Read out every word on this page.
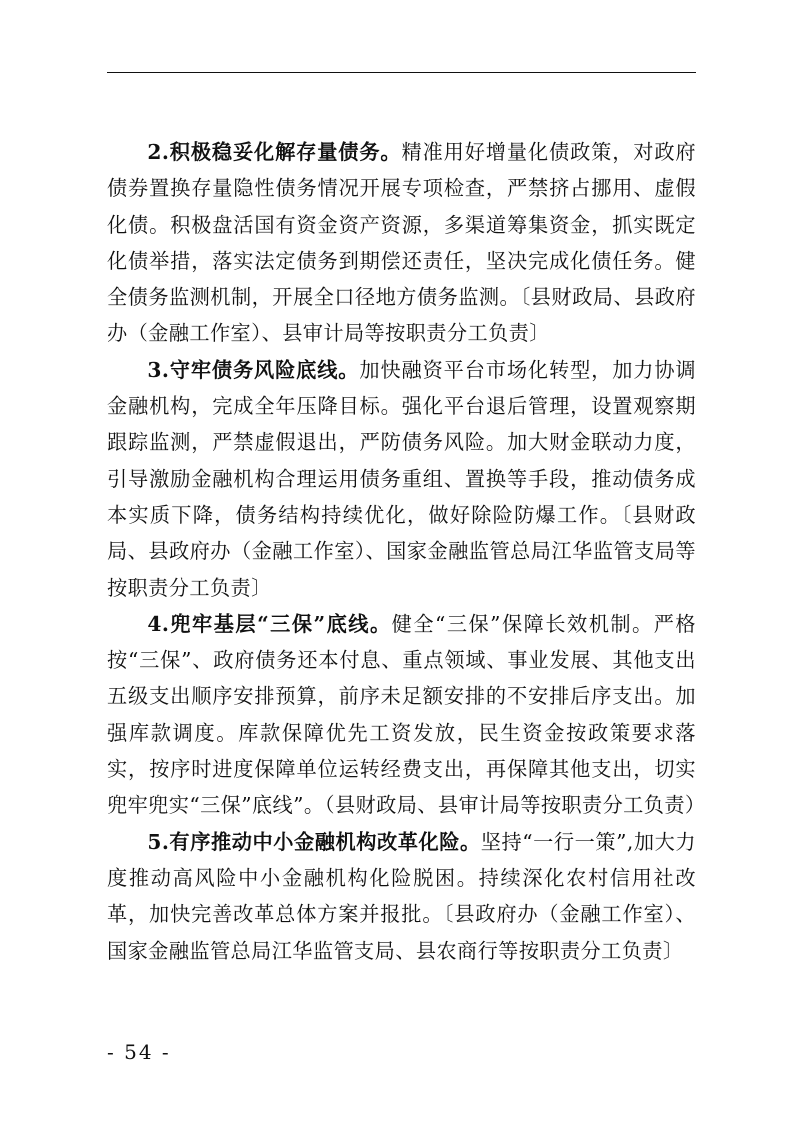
2.积极稳妥化解存量债务。精准用好增量化债政策，对政府债券置换存量隐性债务情况开展专项检查，严禁挤占挪用、虚假化债。积极盘活国有资金资产资源，多渠道筹集资金，抓实既定化债举措，落实法定债务到期偿还责任，坚决完成化债任务。健全债务监测机制，开展全口径地方债务监测。〔县财政局、县政府办（金融工作室）、县审计局等按职责分工负责〕

3.守牢债务风险底线。加快融资平台市场化转型，加力协调金融机构，完成全年压降目标。强化平台退后管理，设置观察期跟踪监测，严禁虚假退出，严防债务风险。加大财金联动力度，引导激励金融机构合理运用债务重组、置换等手段，推动债务成本实质下降，债务结构持续优化，做好除险防爆工作。〔县财政局、县政府办（金融工作室）、国家金融监管总局江华监管支局等按职责分工负责〕

4.兜牢基层“三保”底线。健全“三保”保障长效机制。严格按“三保”、政府债务还本付息、重点领域、事业发展、其他支出五级支出顺序安排预算，前序未足额安排的不安排后序支出。加强库款调度。库款保障优先工资发放，民生资金按政策要求落实，按序时进度保障单位运转经费支出，再保障其他支出，切实兜牢兜实“三保”底线”。（县财政局、县审计局等按职责分工负责）

5.有序推动中小金融机构改革化险。坚持“一行一策”,加大力度推动高风险中小金融机构化险脱困。持续深化农村信用社改革，加快完善改革总体方案并报批。〔县政府办（金融工作室）、国家金融监管总局江华监管支局、县农商行等按职责分工负责〕

- 54 -
